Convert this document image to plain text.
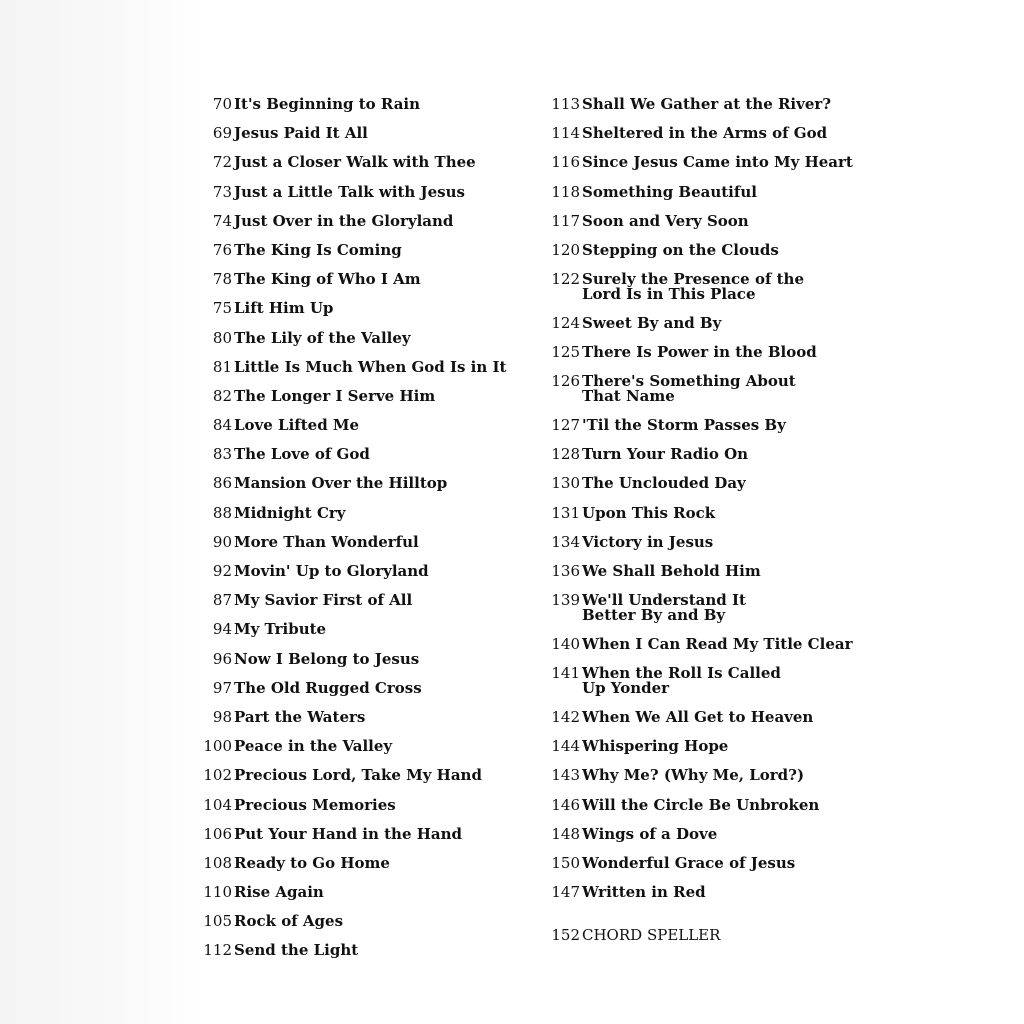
70 It's Beginning to Rain
69 Jesus Paid It All
72 Just a Closer Walk with Thee
73 Just a Little Talk with Jesus
74 Just Over in the Gloryland
76 The King Is Coming
78 The King of Who I Am
75 Lift Him Up
80 The Lily of the Valley
81 Little Is Much When God Is in It
82 The Longer I Serve Him
84 Love Lifted Me
83 The Love of God
86 Mansion Over the Hilltop
88 Midnight Cry
90 More Than Wonderful
92 Movin' Up to Gloryland
87 My Savior First of All
94 My Tribute
96 Now I Belong to Jesus
97 The Old Rugged Cross
98 Part the Waters
100 Peace in the Valley
102 Precious Lord, Take My Hand
104 Precious Memories
106 Put Your Hand in the Hand
108 Ready to Go Home
110 Rise Again
105 Rock of Ages
112 Send the Light
113 Shall We Gather at the River?
114 Sheltered in the Arms of God
116 Since Jesus Came into My Heart
118 Something Beautiful
117 Soon and Very Soon
120 Stepping on the Clouds
122 Surely the Presence of the
Lord Is in This Place
124 Sweet By and By
125 There Is Power in the Blood
126 There's Something About
That Name
127 'Til the Storm Passes By
128 Turn Your Radio On
130 The Unclouded Day
131 Upon This Rock
134 Victory in Jesus
136 We Shall Behold Him
139 We'll Understand It
Better By and By
140 When I Can Read My Title Clear
141 When the Roll Is Called
Up Yonder
142 When We All Get to Heaven
144 Whispering Hope
143 Why Me? (Why Me, Lord?)
146 Will the Circle Be Unbroken
148 Wings of a Dove
150 Wonderful Grace of Jesus
147 Written in Red
152 CHORD SPELLER
